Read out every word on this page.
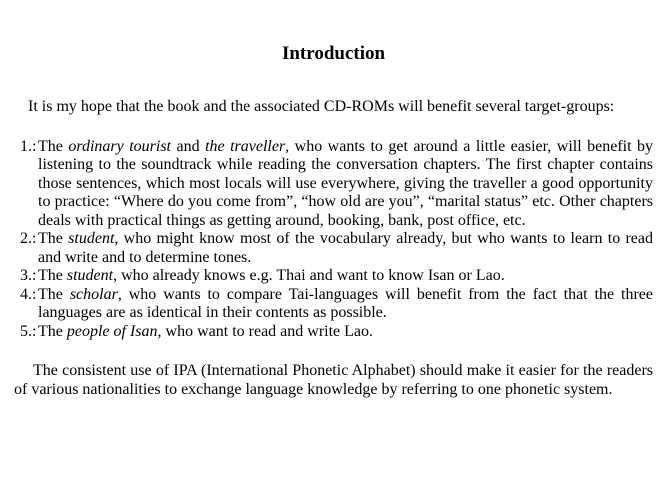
Introduction

It is my hope that the book and the associated CD-ROMs will benefit several target-groups:

1.:The ordinary tourist and the traveller, who wants to get around a little easier, will benefit by listening to the soundtrack while reading the conversation chapters. The first chapter contains those sentences, which most locals will use everywhere, giving the traveller a good opportunity to practice: “Where do you come from”, “how old are you”, “marital status” etc. Other chapters deals with practical things as getting around, booking, bank, post office, etc.
2.:The student, who might know most of the vocabulary already, but who wants to learn to read and write and to determine tones.
3.:The student, who already knows e.g. Thai and want to know Isan or Lao.
4.:The scholar, who wants to compare Tai-languages will benefit from the fact that the three languages are as identical in their contents as possible.
5.:The people of Isan, who want to read and write Lao.

The consistent use of IPA (International Phonetic Alphabet) should make it easier for the readers of various nationalities to exchange language knowledge by referring to one phonetic system.
